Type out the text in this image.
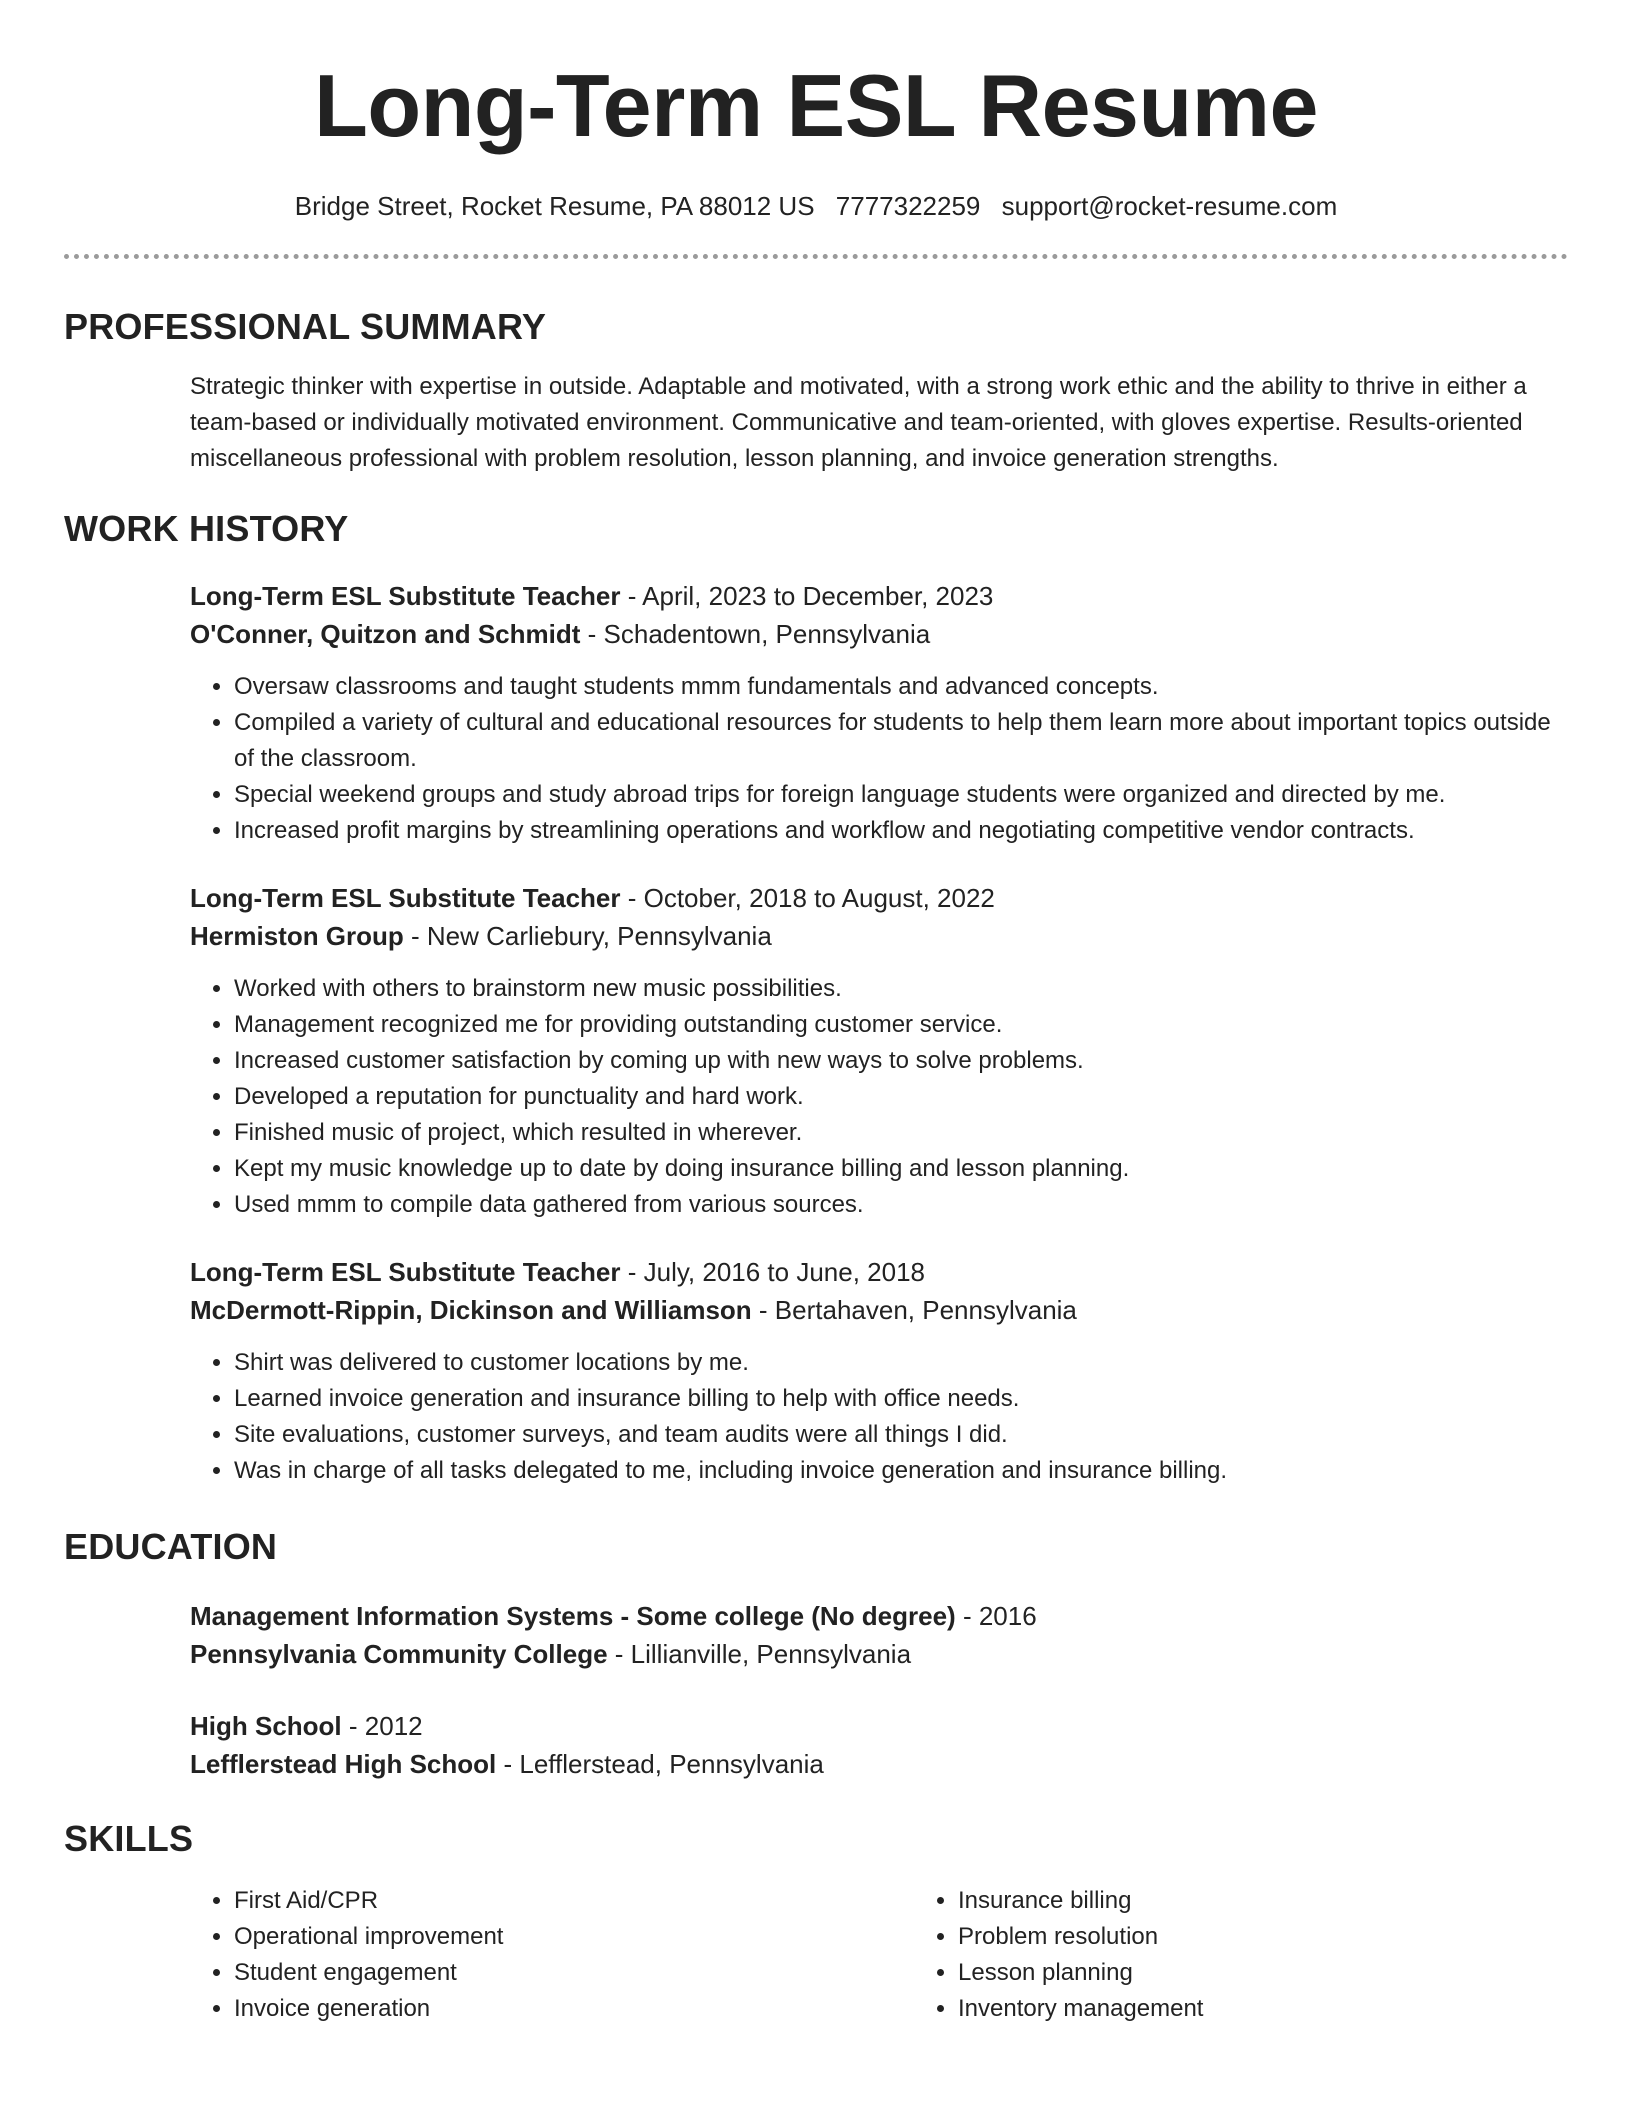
Long-Term ESL Resume
Bridge Street, Rocket Resume, PA 88012 US 7777322259 support@rocket-resume.com
PROFESSIONAL SUMMARY
Strategic thinker with expertise in outside. Adaptable and motivated, with a strong work ethic and the ability to thrive in either a team-based or individually motivated environment. Communicative and team-oriented, with gloves expertise. Results-oriented miscellaneous professional with problem resolution, lesson planning, and invoice generation strengths.
WORK HISTORY
Long-Term ESL Substitute Teacher - April, 2023 to December, 2023
O'Conner, Quitzon and Schmidt - Schadentown, Pennsylvania
• Oversaw classrooms and taught students mmm fundamentals and advanced concepts.
• Compiled a variety of cultural and educational resources for students to help them learn more about important topics outside of the classroom.
• Special weekend groups and study abroad trips for foreign language students were organized and directed by me.
• Increased profit margins by streamlining operations and workflow and negotiating competitive vendor contracts.
Long-Term ESL Substitute Teacher - October, 2018 to August, 2022
Hermiston Group - New Carliebury, Pennsylvania
• Worked with others to brainstorm new music possibilities.
• Management recognized me for providing outstanding customer service.
• Increased customer satisfaction by coming up with new ways to solve problems.
• Developed a reputation for punctuality and hard work.
• Finished music of project, which resulted in wherever.
• Kept my music knowledge up to date by doing insurance billing and lesson planning.
• Used mmm to compile data gathered from various sources.
Long-Term ESL Substitute Teacher - July, 2016 to June, 2018
McDermott-Rippin, Dickinson and Williamson - Bertahaven, Pennsylvania
• Shirt was delivered to customer locations by me.
• Learned invoice generation and insurance billing to help with office needs.
• Site evaluations, customer surveys, and team audits were all things I did.
• Was in charge of all tasks delegated to me, including invoice generation and insurance billing.
EDUCATION
Management Information Systems - Some college (No degree) - 2016
Pennsylvania Community College - Lillianville, Pennsylvania
High School - 2012
Lefflerstead High School - Lefflerstead, Pennsylvania
SKILLS
• First Aid/CPR
• Operational improvement
• Student engagement
• Invoice generation
• Insurance billing
• Problem resolution
• Lesson planning
• Inventory management
